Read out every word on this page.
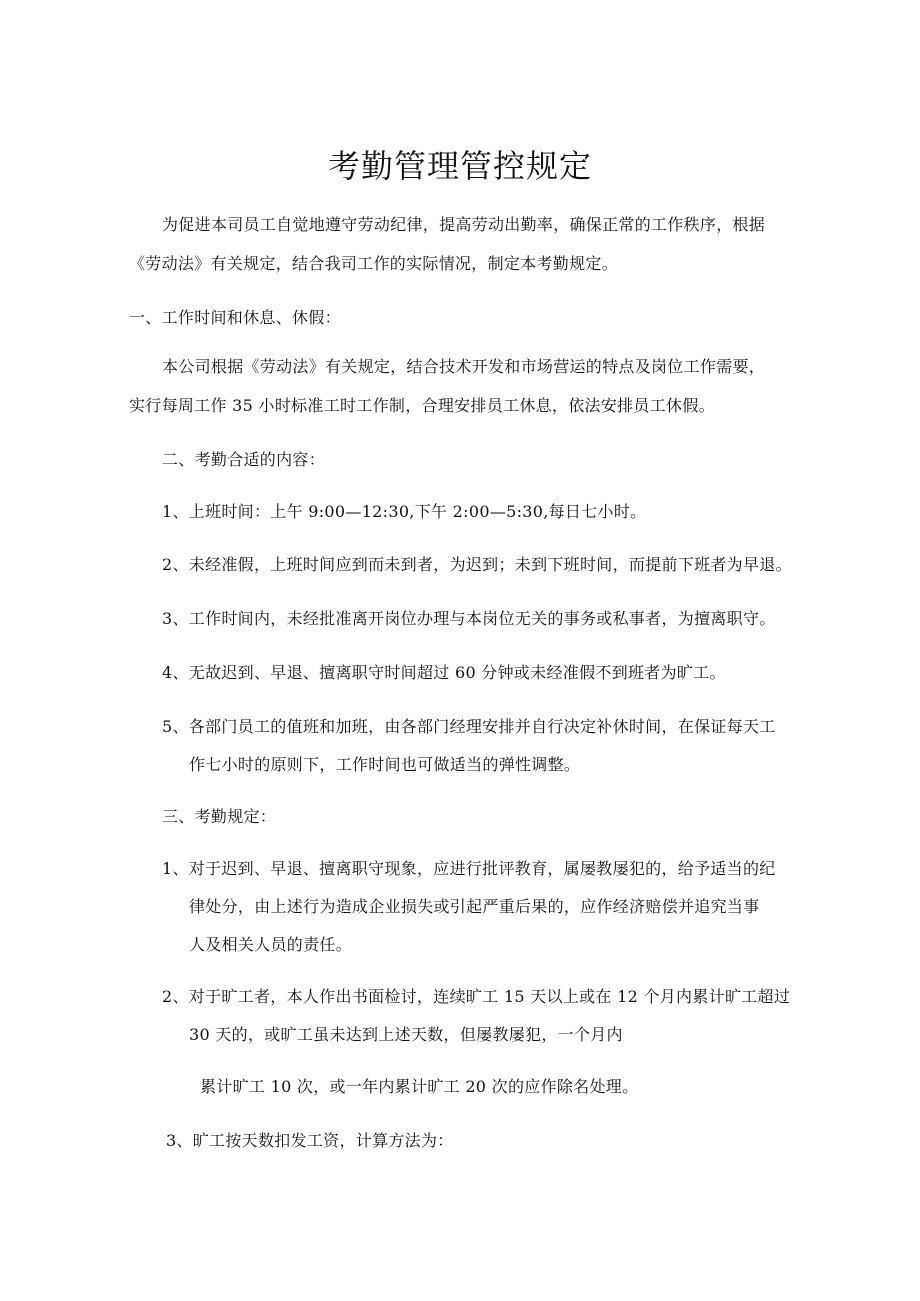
考勤管理管控规定
为促进本司员工自觉地遵守劳动纪律，提高劳动出勤率，确保正常的工作秩序，根据
《劳动法》有关规定，结合我司工作的实际情况，制定本考勤规定。
一、工作时间和休息、休假：
本公司根据《劳动法》有关规定，结合技术开发和市场营运的特点及岗位工作需要，
实行每周工作 35 小时标准工时工作制，合理安排员工休息，依法安排员工休假。
二、考勤合适的内容：
1、上班时间：上午 9:00—12:30,下午 2:00—5:30,每日七小时。
2、未经准假，上班时间应到而未到者，为迟到；未到下班时间，而提前下班者为早退。
3、工作时间内，未经批准离开岗位办理与本岗位无关的事务或私事者，为擅离职守。
4、无故迟到、早退、擅离职守时间超过 60 分钟或未经准假不到班者为旷工。
5、各部门员工的值班和加班，由各部门经理安排并自行决定补休时间，在保证每天工
作七小时的原则下，工作时间也可做适当的弹性调整。
三、考勤规定：
1、对于迟到、早退、擅离职守现象，应进行批评教育，属屡教屡犯的，给予适当的纪
律处分，由上述行为造成企业损失或引起严重后果的，应作经济赔偿并追究当事
人及相关人员的责任。
2、对于旷工者，本人作出书面检讨，连续旷工 15 天以上或在 12 个月内累计旷工超过
30 天的，或旷工虽未达到上述天数，但屡教屡犯，一个月内
累计旷工 10 次，或一年内累计旷工 20 次的应作除名处理。
3、旷工按天数扣发工资，计算方法为：
